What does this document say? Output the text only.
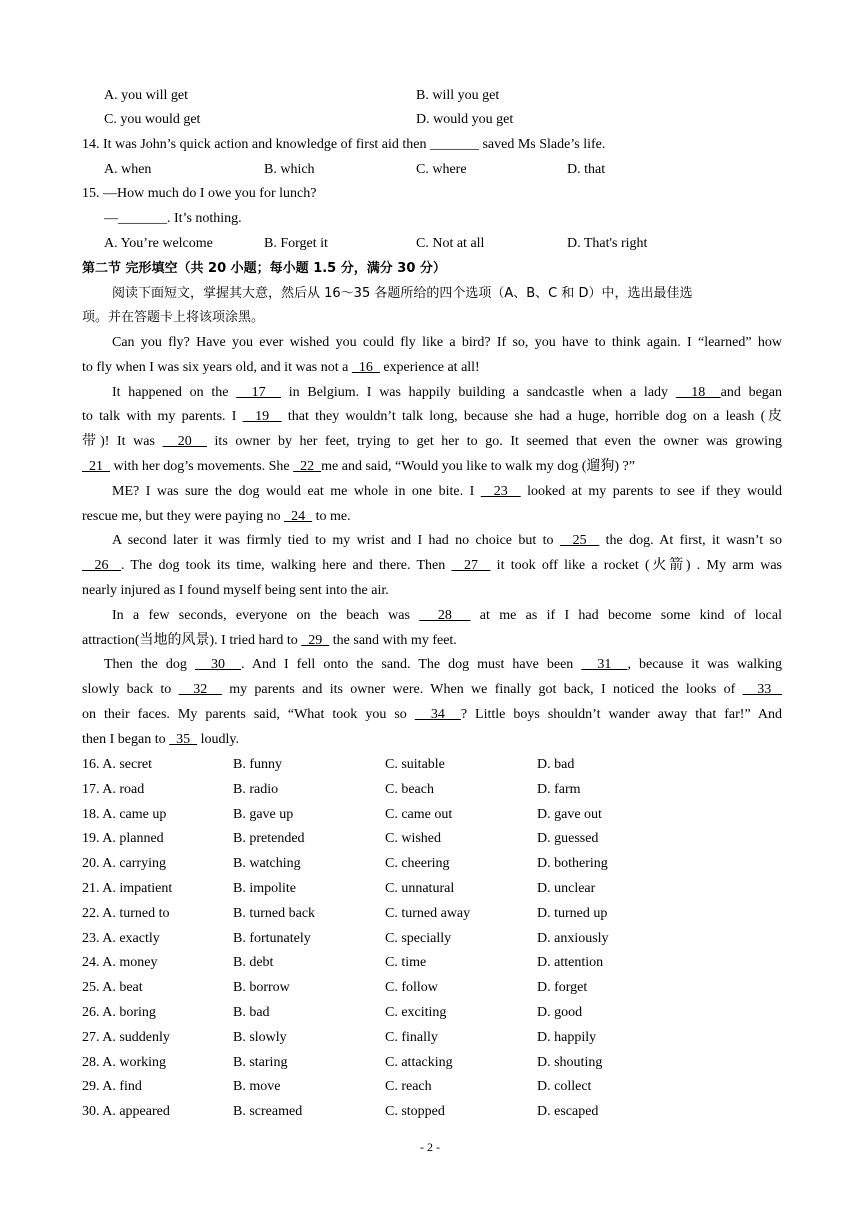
A. you will get	B. will you get
C. you would get	D. would you get
14. It was John’s quick action and knowledge of first aid then _______ saved Ms Slade’s life.
A. when	B. which	C. where	D. that
15. —How much do I owe you for lunch?
—_______. It’s nothing.
A. You’re welcome	B. Forget it	C. Not at all	D. That's right
第二节 完形填空（共 20 小题；每小题 1.5 分，满分 30 分）
阅读下面短文，掌握其大意，然后从 16～35 各题所给的四个选项（A、B、C 和 D）中，选出最佳选
项。并在答题卡上将该项涂黑。
Can you fly? Have you ever wished you could fly like a bird? If so, you have to think again. I “learned” how
to fly when I was six years old, and it was not a   16   experience at all!
It happened on the   17   in Belgium. I was happily building a sandcastle when a lady   18  and began
to talk with my parents. I   19   that they wouldn’t talk long, because she had a huge, horrible dog on a leash (皮
带)! It was   20   its owner by her feet, trying to get her to go. It seemed that even the owner was growing
21   with her dog’s movements. She   22  me and said, “Would you like to walk my dog (遛狗) ?”
ME? I was sure the dog would eat me whole in one bite. I   23   looked at my parents to see if they would
rescue me, but they were paying no   24   to me.
A second later it was firmly tied to my wrist and I had no choice but to   25   the dog. At first, it wasn’t so
26  . The dog took its time, walking here and there. Then   27   it took off like a rocket (火箭) . My arm was
nearly injured as I found myself being sent into the air.
In a few seconds, everyone on the beach was   28   at me as if I had become some kind of local
attraction(当地的风景). I tried hard to   29   the sand with my feet.
Then the dog   30  . And I fell onto the sand. The dog must have been   31  , because it was walking
slowly back to   32   my parents and its owner were. When we finally got back, I noticed the looks of   33
on their faces. My parents said, “What took you so   34  ? Little boys shouldn’t wander away that far!” And
then I began to   35   loudly.
16. A. secret	B. funny	C. suitable	D. bad
17. A. road	B. radio	C. beach	D. farm
18. A. came up	B. gave up	C. came out	D. gave out
19. A. planned	B. pretended	C. wished	D. guessed
20. A. carrying	B. watching	C. cheering	D. bothering
21. A. impatient	B. impolite	C. unnatural	D. unclear
22. A. turned to	B. turned back	C. turned away	D. turned up
23. A. exactly	B. fortunately	C. specially	D. anxiously
24. A. money	B. debt	C. time	D. attention
25. A. beat	B. borrow	C. follow	D. forget
26. A. boring	B. bad	C. exciting	D. good
27. A. suddenly	B. slowly	C. finally	D. happily
28. A. working	B. staring	C. attacking	D. shouting
29. A. find	B. move	C. reach	D. collect
30. A. appeared	B. screamed	C. stopped	D. escaped
- 2 -
